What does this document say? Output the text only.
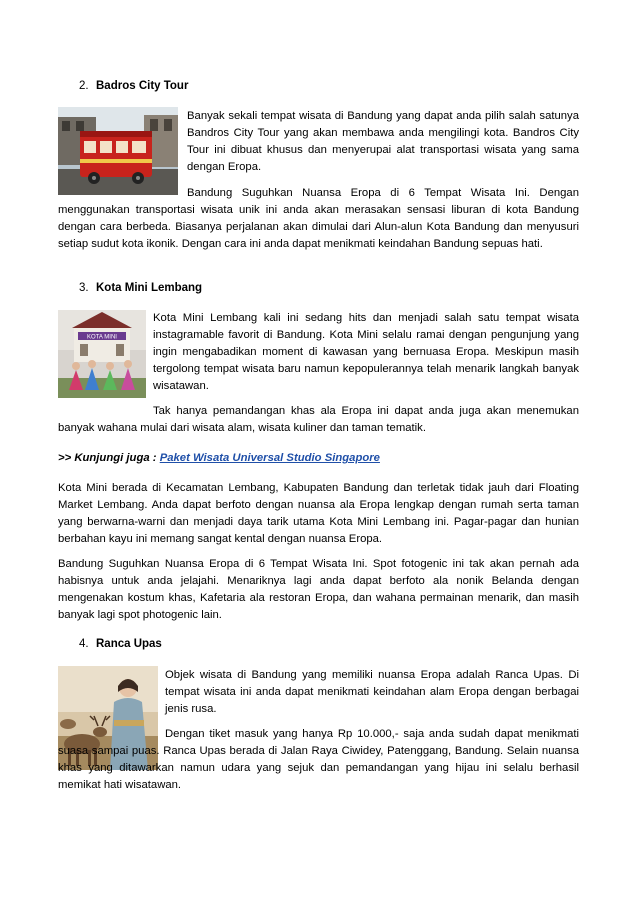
2. Badros City Tour

Banyak sekali tempat wisata di Bandung yang dapat anda pilih salah satunya Bandros City Tour yang akan membawa anda mengilingi kota. Bandros City Tour ini dibuat khusus dan menyerupai alat transportasi wisata yang sama dengan Eropa.

Bandung Suguhkan Nuansa Eropa di 6 Tempat Wisata Ini. Dengan menggunakan transportasi wisata unik ini anda akan merasakan sensasi liburan di kota Bandung dengan cara berbeda. Biasanya perjalanan akan dimulai dari Alun-alun Kota Bandung dan menyusuri setiap sudut kota ikonik. Dengan cara ini anda dapat menikmati keindahan Bandung sepuas hati.

3. Kota Mini Lembang
KOTA MINI

Kota Mini Lembang kali ini sedang hits dan menjadi salah satu tempat wisata instagramable favorit di Bandung. Kota Mini selalu ramai dengan pengunjung yang ingin mengabadikan moment di kawasan yang bernuasa Eropa. Meskipun masih tergolong tempat wisata baru namun kepopulerannya telah menarik langkah banyak wisatawan.

Tak hanya pemandangan khas ala Eropa ini dapat anda juga akan menemukan banyak wahana mulai dari wisata alam, wisata kuliner dan taman tematik.

>> Kunjungi juga : Paket Wisata Universal Studio Singapore

Kota Mini berada di Kecamatan Lembang, Kabupaten Bandung dan terletak tidak jauh dari Floating Market Lembang. Anda dapat berfoto dengan nuansa ala Eropa lengkap dengan rumah serta taman yang berwarna-warni dan menjadi daya tarik utama Kota Mini Lembang ini. Pagar-pagar dan hunian berbahan kayu ini memang sangat kental dengan nuansa Eropa.

Bandung Suguhkan Nuansa Eropa di 6 Tempat Wisata Ini. Spot fotogenic ini tak akan pernah ada habisnya untuk anda jelajahi. Menariknya lagi anda dapat berfoto ala nonik Belanda dengan mengenakan kostum khas, Kafetaria ala restoran Eropa, dan wahana permainan menarik, dan masih banyak lagi spot photogenic lain.

4. Ranca Upas

Objek wisata di Bandung yang memiliki nuansa Eropa adalah Ranca Upas. Di tempat wisata ini anda dapat menikmati keindahan alam Eropa dengan berbagai jenis rusa.

Dengan tiket masuk yang hanya Rp 10.000,- saja anda sudah dapat menikmati suasa sampai puas. Ranca Upas berada di Jalan Raya Ciwidey, Patenggang, Bandung. Selain nuansa khas yang ditawarkan namun udara yang sejuk dan pemandangan yang hijau ini selalu berhasil memikat hati wisatawan.
